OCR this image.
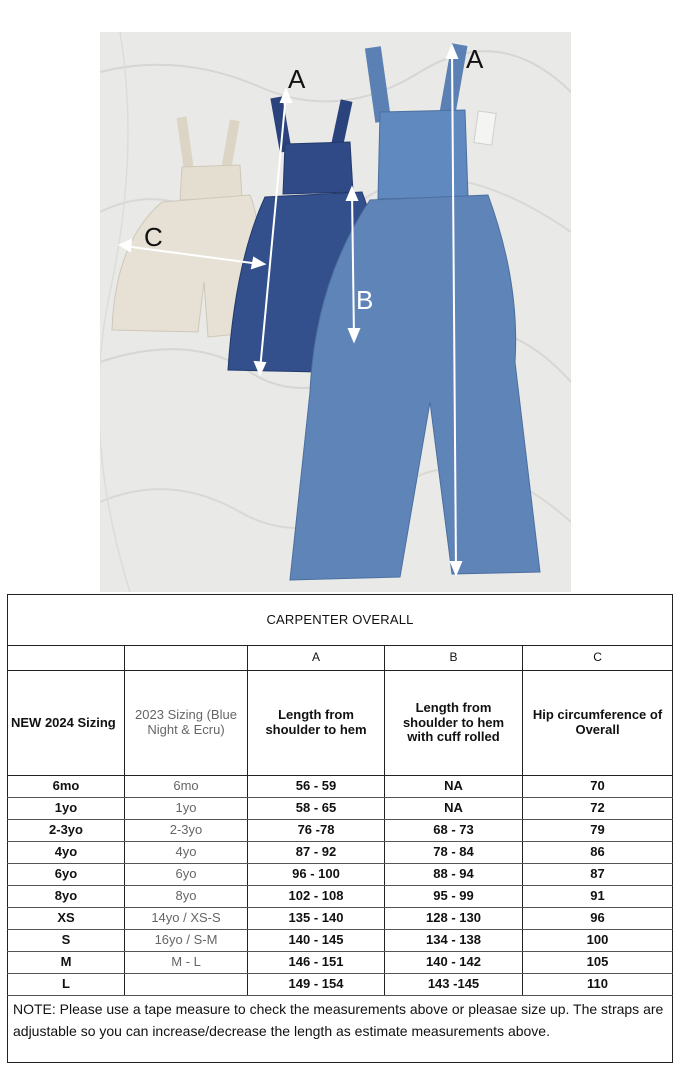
A
A
B
C
CARPENTER OVERALL				
		A	B	C
NEW 2024 Sizing	2023 Sizing (Blue Night & Ecru)	Length from shoulder to hem	Length from shoulder to hem with cuff rolled	Hip circumference of Overall
6mo	6mo	56 - 59	NA	70
1yo	1yo	58 - 65	NA	72
2-3yo	2-3yo	76 -78	68 - 73	79
4yo	4yo	87 - 92	78 - 84	86
6yo	6yo	96 - 100	88 - 94	87
8yo	8yo	102 - 108	95 - 99	91
XS	14yo / XS-S	135 - 140	128 - 130	96
S	16yo / S-M	140 - 145	134 - 138	100
M	M - L	146 - 151	140 - 142	105
L		149 - 154	143 -145	110
NOTE: Please use a tape measure to check the measurements above or pleasae size up. The straps are adjustable so you can increase/decrease the length as estimate measurements above.				
